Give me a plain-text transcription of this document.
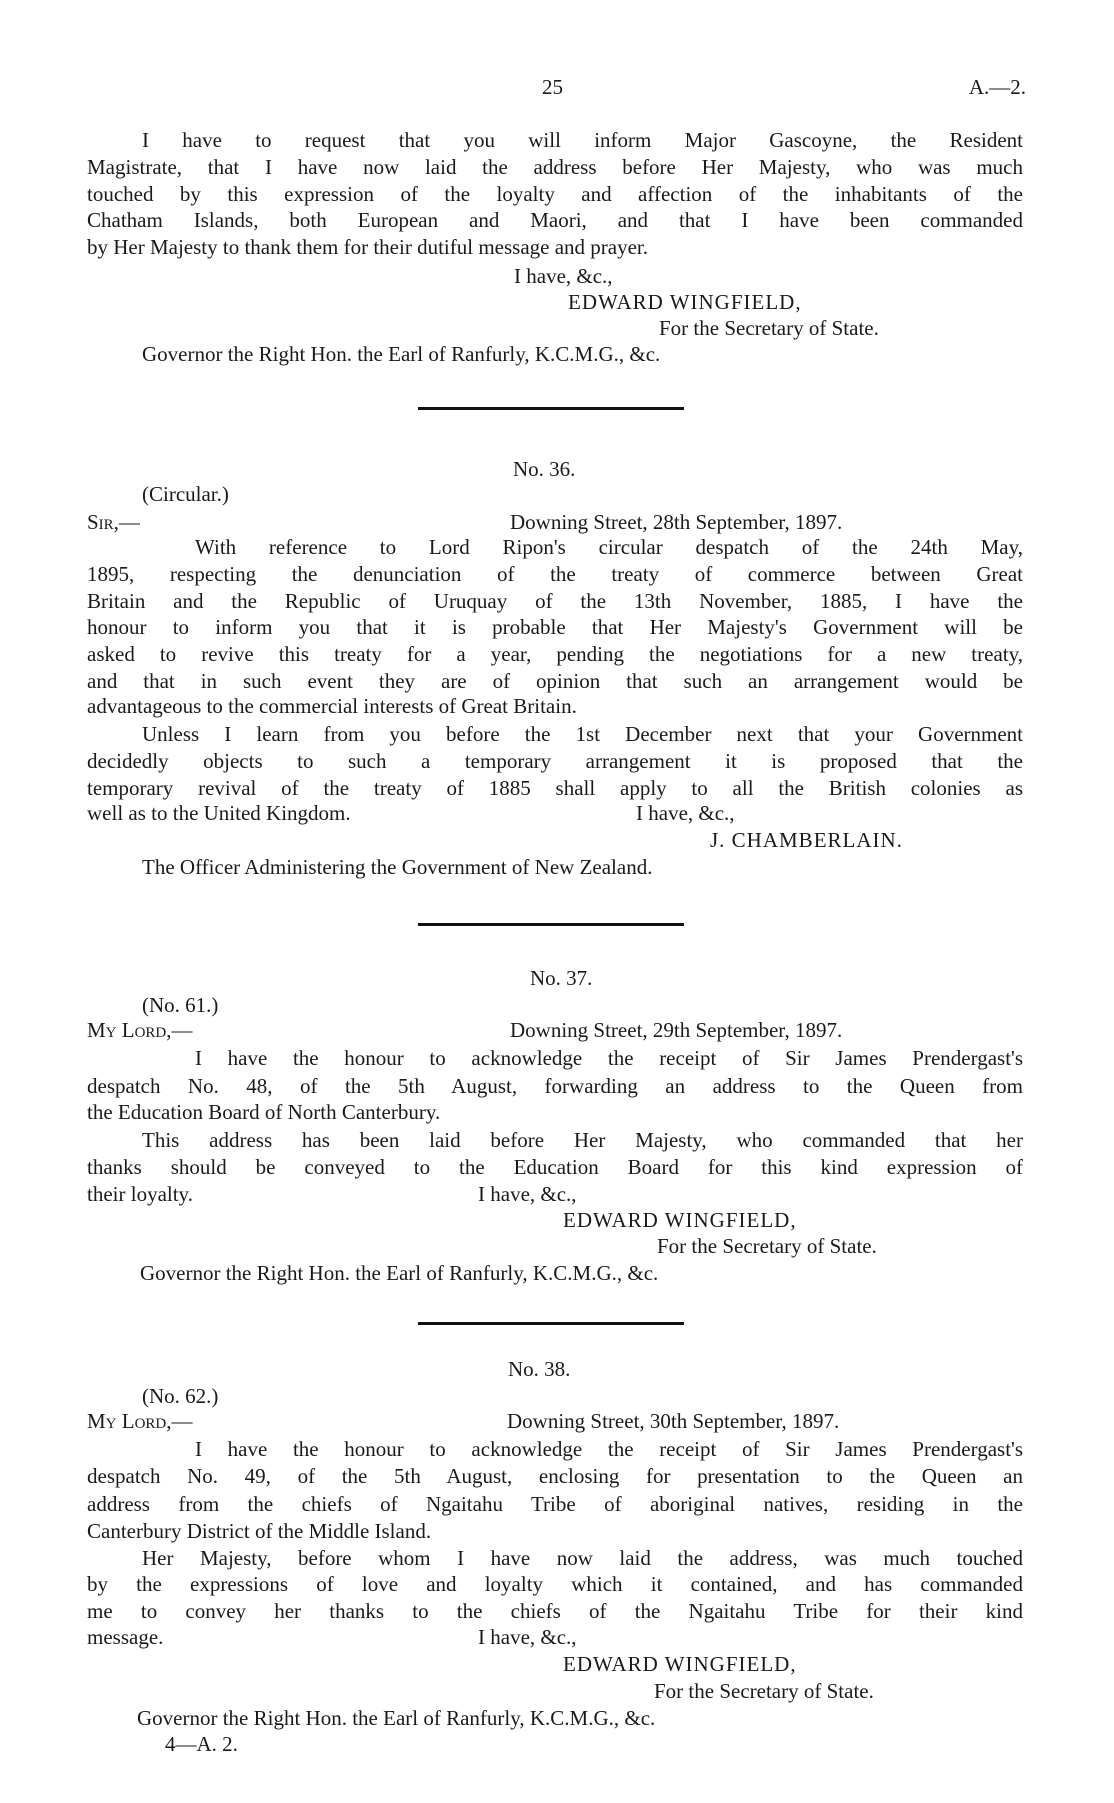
25	A.—2.
I have to request that you will inform Major Gascoyne, the Resident
Magistrate, that I have now laid the address before Her Majesty, who was much
touched by this expression of the loyalty and affection of the inhabitants of the
Chatham Islands, both European and Maori, and that I have been commanded
by Her Majesty to thank them for their dutiful message and prayer.
I have, &c.,
EDWARD WINGFIELD,
For the Secretary of State.
Governor the Right Hon. the Earl of Ranfurly, K.C.M.G., &c.
No. 36.
(Circular.)
Sir,—	Downing Street, 28th September, 1897.
With reference to Lord Ripon's circular despatch of the 24th May,
1895, respecting the denunciation of the treaty of commerce between Great
Britain and the Republic of Uruquay of the 13th November, 1885, I have the
honour to inform you that it is probable that Her Majesty's Government will be
asked to revive this treaty for a year, pending the negotiations for a new treaty,
and that in such event they are of opinion that such an arrangement would be
advantageous to the commercial interests of Great Britain.
Unless I learn from you before the 1st December next that your Government
decidedly objects to such a temporary arrangement it is proposed that the
temporary revival of the treaty of 1885 shall apply to all the British colonies as
well as to the United Kingdom.	I have, &c.,
J. CHAMBERLAIN.
The Officer Administering the Government of New Zealand.
No. 37.
(No. 61.)
My Lord,—	Downing Street, 29th September, 1897.
I have the honour to acknowledge the receipt of Sir James Prendergast's
despatch No. 48, of the 5th August, forwarding an address to the Queen from
the Education Board of North Canterbury.
This address has been laid before Her Majesty, who commanded that her
thanks should be conveyed to the Education Board for this kind expression of
their loyalty.	I have, &c.,
EDWARD WINGFIELD,
For the Secretary of State.
Governor the Right Hon. the Earl of Ranfurly, K.C.M.G., &c.
No. 38.
(No. 62.)
My Lord,—	Downing Street, 30th September, 1897.
I have the honour to acknowledge the receipt of Sir James Prendergast's
despatch No. 49, of the 5th August, enclosing for presentation to the Queen an
address from the chiefs of Ngaitahu Tribe of aboriginal natives, residing in the
Canterbury District of the Middle Island.
Her Majesty, before whom I have now laid the address, was much touched
by the expressions of love and loyalty which it contained, and has commanded
me to convey her thanks to the chiefs of the Ngaitahu Tribe for their kind
message.	I have, &c.,
EDWARD WINGFIELD,
For the Secretary of State.
Governor the Right Hon. the Earl of Ranfurly, K.C.M.G., &c.
4—A. 2.
